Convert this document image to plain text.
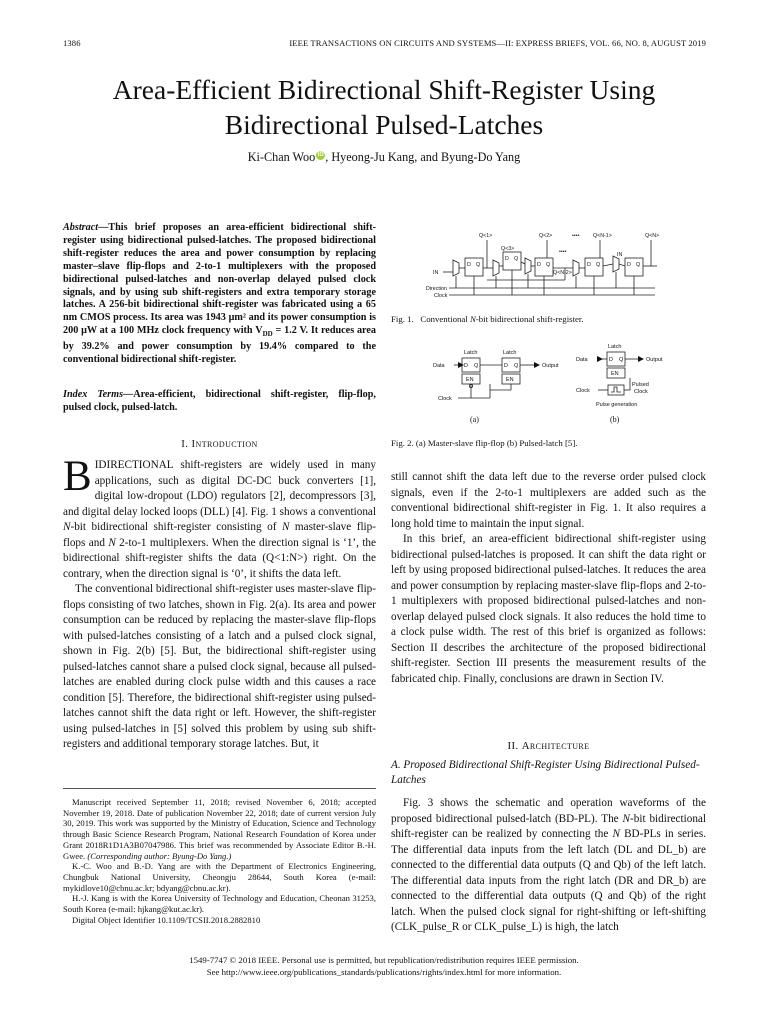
1386	IEEE TRANSACTIONS ON CIRCUITS AND SYSTEMS—II: EXPRESS BRIEFS, VOL. 66, NO. 8, AUGUST 2019
Area-Efficient Bidirectional Shift-Register Using
Bidirectional Pulsed-Latches
Ki-Chan Woo iD , Hyeong-Ju Kang, and Byung-Do Yang
Abstract—This brief proposes an area-efficient bidirectional shift-register using bidirectional pulsed-latches. The proposed bidirectional shift-register reduces the area and power consumption by replacing master–slave flip-flops and 2-to-1 multiplexers with the proposed bidirectional pulsed-latches and non-overlap delayed pulsed clock signals, and by using sub shift-registers and extra temporary storage latches. A 256-bit bidirectional shift-register was fabricated using a 65 nm CMOS process. Its area was 1943 μm² and its power consumption is 200 μW at a 100 MHz clock frequency with $V_{DD} = 1.2$ V. It reduces area by 39.2% and power consumption by 19.4% compared to the conventional bidirectional shift-register.
Index Terms—Area-efficient, bidirectional shift-register, flip-flop, pulsed clock, pulsed-latch.
I. Introduction

BIDIRECTIONAL shift-registers are widely used in many applications, such as digital DC-DC buck converters [1], digital low-dropout (LDO) regulators [2], decompressors [3], and digital delay locked loops (DLL) [4]. Fig. 1 shows a conventional N-bit bidirectional shift-register consisting of N master-slave flip-flops and N 2-to-1 multiplexers. When the direction signal is ‘1’, the bidirectional shift-register shifts the data (Q<1:N>) right. On the contrary, when the direction signal is ‘0’, it shifts the data left.

The conventional bidirectional shift-register uses master-slave flip-flops consisting of two latches, shown in Fig. 2(a). Its area and power consumption can be reduced by replacing the master-slave flip-flops with pulsed-latches consisting of a latch and a pulsed clock signal, shown in Fig. 2(b) [5]. But, the bidirectional shift-register using pulsed-latches cannot share a pulsed clock signal, because all pulsed-latches are enabled during clock pulse width and this causes a race condition [5]. Therefore, the bidirectional shift-register using pulsed-latches cannot shift the data right or left. However, the shift-register using pulsed-latches in [5] solved this problem by using sub shift-registers and additional temporary storage latches. But, it

Manuscript received September 11, 2018; revised November 6, 2018; accepted November 19, 2018. Date of publication November 22, 2018; date of current version July 30, 2019. This work was supported by the Ministry of Education, Science and Technology through Basic Science Research Program, National Research Foundation of Korea under Grant 2018R1D1A3B07047986. This brief was recommended by Associate Editor B.-H. Gwee. (Corresponding author: Byung-Do Yang.)

K.-C. Woo and B.-D. Yang are with the Department of Electronics Engineering, Chungbuk National University, Cheongju 28644, South Korea (e-mail: mykidlove10@cbnu.ac.kr; bdyang@cbnu.ac.kr).

H.-J. Kang is with the Korea University of Technology and Education, Cheonan 31253, South Korea (e-mail: hjkang@kut.ac.kr).

Digital Object Identifier 10.1109/TCSII.2018.2882810

Q<1>	Q<2>	••••	Q<N-1>	Q<N>
Q<3>	••••
Q<N-2>
IN
IN
Direction
Clock
D Q
D Q
D Q	D Q	D Q
Fig. 1. Conventional N-bit bidirectional shift-register.
Latch	Latch
Data	Output
D Q	D Q
EN	EN
Clock
Latch
Data	Output
D Q
EN
Clock
Pulsed
Clock
Pulse generation
(a)	(b)
Fig. 2. (a) Master-slave flip-flop (b) Pulsed-latch [5].

still cannot shift the data left due to the reverse order pulsed clock signals, even if the 2-to-1 multiplexers are added such as the conventional bidirectional shift-register in Fig. 1. It also requires a long hold time to maintain the input signal.

In this brief, an area-efficient bidirectional shift-register using bidirectional pulsed-latches is proposed. It can shift the data right or left by using proposed bidirectional pulsed-latches. It reduces the area and power consumption by replacing master-slave flip-flops and 2-to-1 multiplexers with proposed bidirectional pulsed-latches and non-overlap delayed pulsed clock signals. It also reduces the hold time to a clock pulse width. The rest of this brief is organized as follows: Section II describes the architecture of the proposed bidirectional shift-register. Section III presents the measurement results of the fabricated chip. Finally, conclusions are drawn in Section IV.

II. Architecture
A. Proposed Bidirectional Shift-Register Using Bidirectional Pulsed-Latches

Fig. 3 shows the schematic and operation waveforms of the proposed bidirectional pulsed-latch (BD-PL). The N-bit bidirectional shift-register can be realized by connecting the N BD-PLs in series. The differential data inputs from the left latch (DL and DL_b) are connected to the differential data outputs (Q and Qb) of the left latch. The differential data inputs from the right latch (DR and DR_b) are connected to the differential data outputs (Q and Qb) of the right latch. When the pulsed clock signal for right-shifting or left-shifting (CLK_pulse_R or CLK_pulse_L) is high, the latch

1549-7747 © 2018 IEEE. Personal use is permitted, but republication/redistribution requires IEEE permission.
See http://www.ieee.org/publications_standards/publications/rights/index.html for more information.
